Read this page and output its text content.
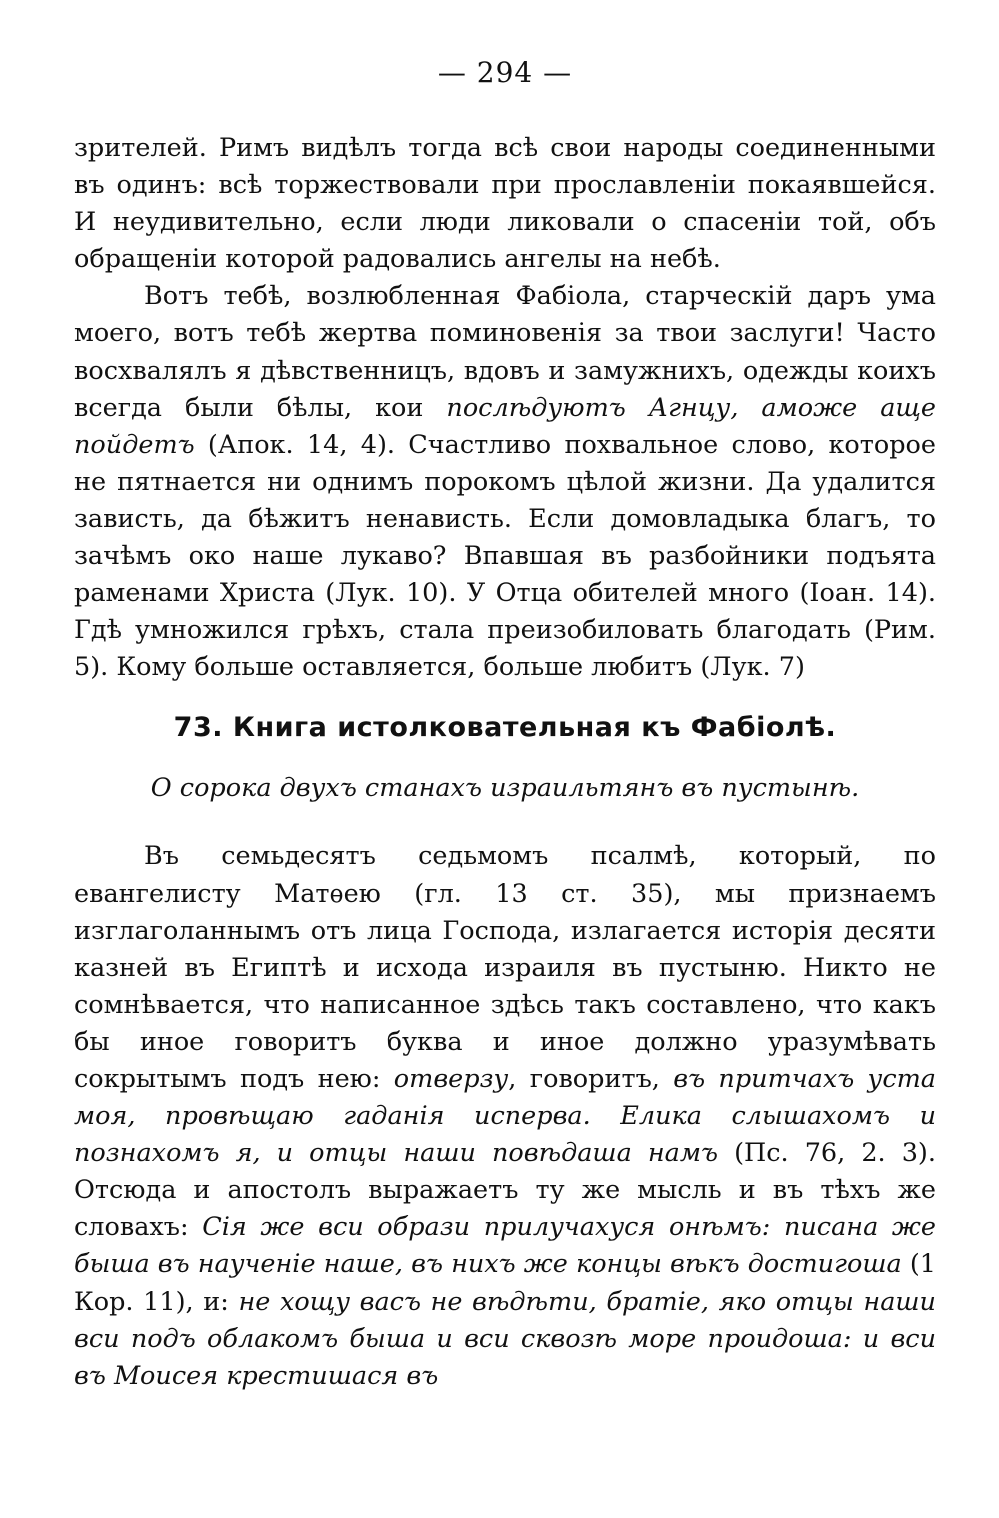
— 294 —

зрителей. Римъ видѣлъ тогда всѣ свои народы соединенными въ одинъ: всѣ торжествовали при прославленіи покаявшейся. И неудивительно, если люди ликовали о спасеніи той, объ обращеніи которой радовались ангелы на небѣ.

Вотъ тебѣ, возлюбленная Фабіола, старческій даръ ума моего, вотъ тебѣ жертва поминовенія за твои заслуги! Часто восхвалялъ я дѣвственницъ, вдовъ и замужнихъ, одежды коихъ всегда были бѣлы, кои послѣдуютъ Агнцу, аможе аще пойдетъ (Апок. 14, 4). Счастливо похвальное слово, которое не пятнается ни однимъ порокомъ цѣлой жизни. Да удалится зависть, да бѣжитъ ненависть. Если домовладыка благъ, то зачѣмъ око наше лукаво? Впавшая въ разбойники подъята раменами Христа (Лук. 10). У Отца обителей много (Іоан. 14). Гдѣ умножился грѣхъ, стала преизобиловать благодать (Рим. 5). Кому больше оставляется, больше любитъ (Лук. 7)

73. Книга истолковательная къ Фабіолѣ.
О сорока двухъ станахъ израильтянъ въ пустынѣ.

Въ семьдесятъ седьмомъ псалмѣ, который, по евангелисту Матѳею (гл. 13 ст. 35), мы признаемъ изглаголаннымъ отъ лица Господа, излагается исторія десяти казней въ Египтѣ и исхода израиля въ пустыню. Никто не сомнѣвается, что написанное здѣсь такъ составлено, что какъ бы иное говоритъ буква и иное должно уразумѣвать сокрытымъ подъ нею: отверзу, говоритъ, въ притчахъ уста моя, провѣщаю гаданія испервa. Елика слышахомъ и познахомъ я, и отцы наши повѣдаша намъ (Пс. 76, 2. 3). Отсюда и апостолъ выражаетъ ту же мысль и въ тѣхъ же словахъ: Сія же вси образи прилучахуся онѣмъ: писана же быша въ наученіе наше, въ нихъ же концы вѣкъ достигоша (1 Кор. 11), и: не хощу васъ не вѣдѣти, братіе, яко отцы наши вси подъ облакомъ быша и вси сквозѣ море проидоша: и вси въ Моисея крестишася въ
